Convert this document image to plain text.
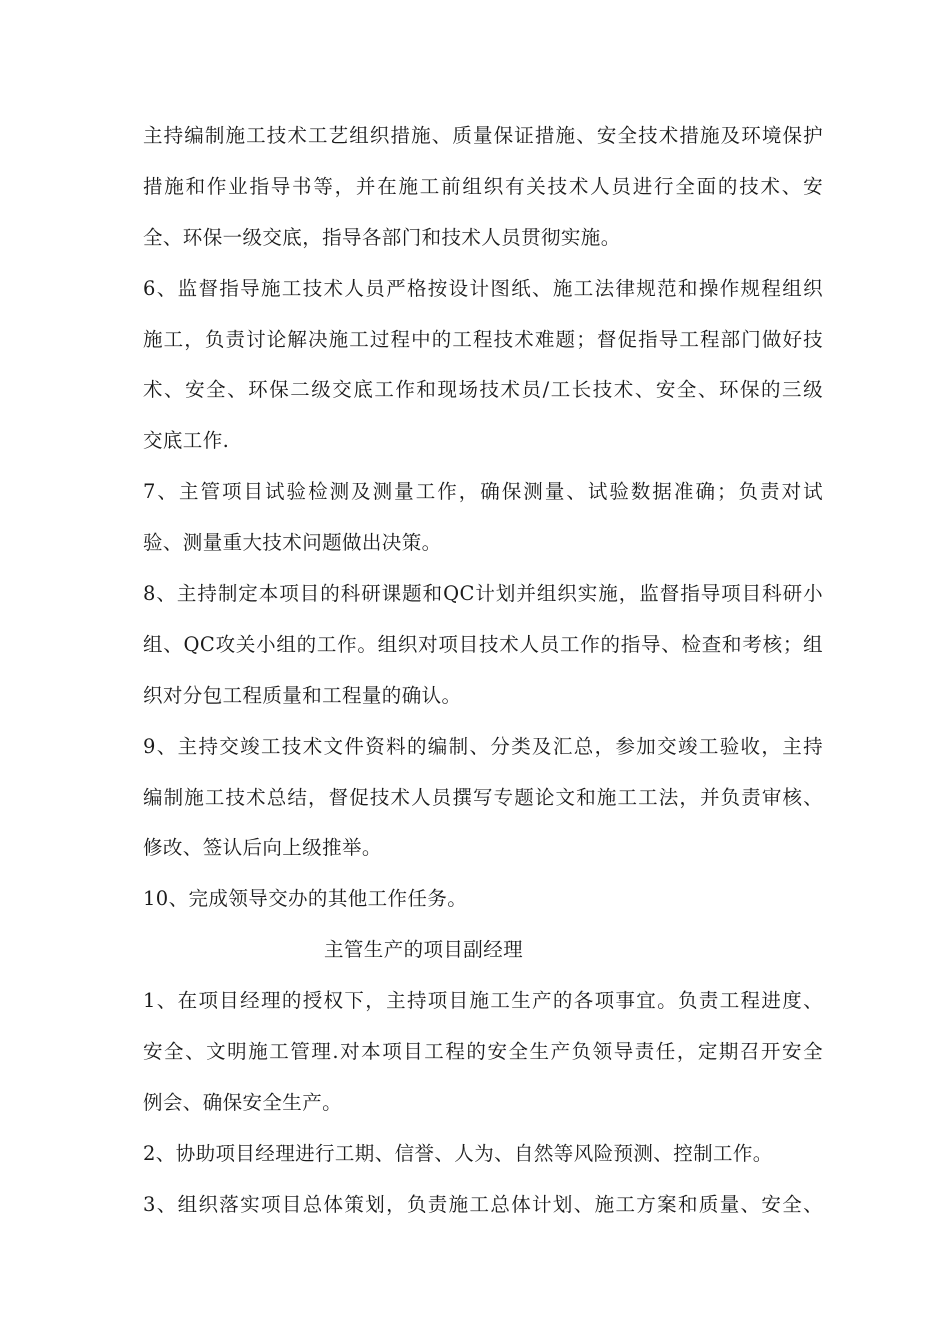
主持编制施工技术工艺组织措施、质量保证措施、安全技术措施及环境保护
措施和作业指导书等，并在施工前组织有关技术人员进行全面的技术、安
全、环保一级交底，指导各部门和技术人员贯彻实施。
6、监督指导施工技术人员严格按设计图纸、施工法律规范和操作规程组织
施工，负责讨论解决施工过程中的工程技术难题；督促指导工程部门做好技
术、安全、环保二级交底工作和现场技术员/工长技术、安全、环保的三级
交底工作.
7、主管项目试验检测及测量工作，确保测量、试验数据准确；负责对试
验、测量重大技术问题做出决策。
8、主持制定本项目的科研课题和QC计划并组织实施，监督指导项目科研小
组、QC攻关小组的工作。组织对项目技术人员工作的指导、检查和考核；组
织对分包工程质量和工程量的确认。
9、主持交竣工技术文件资料的编制、分类及汇总，参加交竣工验收，主持
编制施工技术总结，督促技术人员撰写专题论文和施工工法，并负责审核、
修改、签认后向上级推举。
10、完成领导交办的其他工作任务。
主管生产的项目副经理
1、在项目经理的授权下，主持项目施工生产的各项事宜。负责工程进度、
安全、文明施工管理.对本项目工程的安全生产负领导责任，定期召开安全
例会、确保安全生产。
2、协助项目经理进行工期、信誉、人为、自然等风险预测、控制工作。
3、组织落实项目总体策划，负责施工总体计划、施工方案和质量、安全、
